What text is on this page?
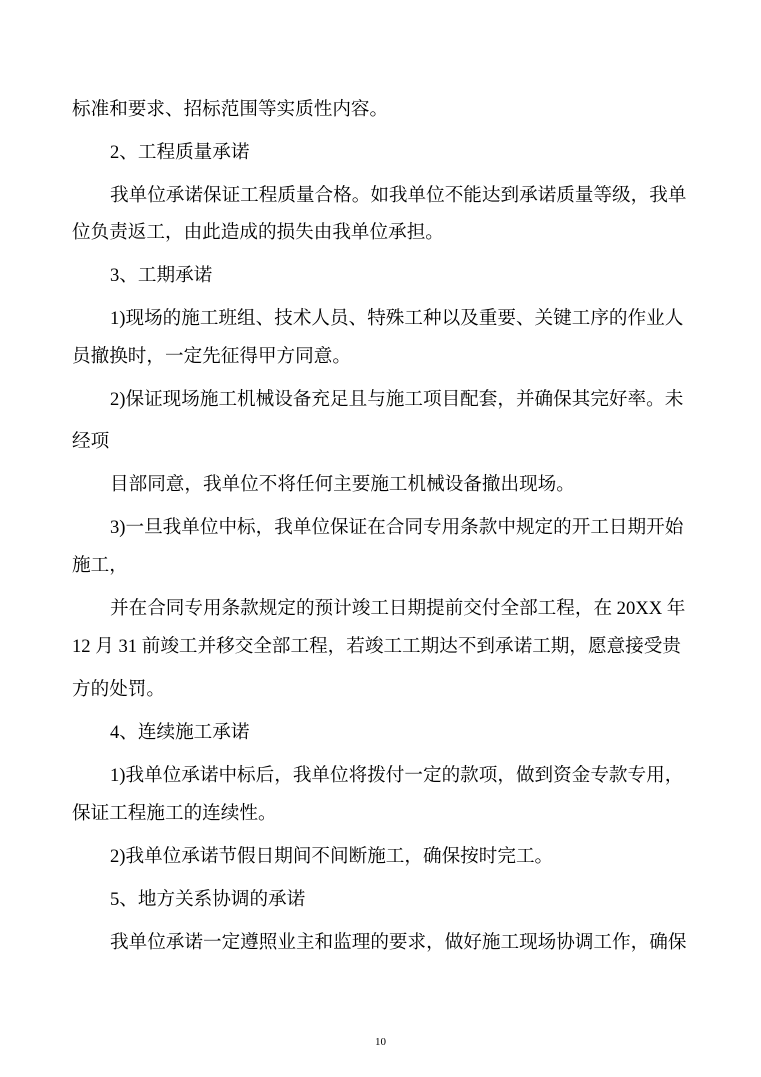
标准和要求、招标范围等实质性内容。
2、工程质量承诺
我单位承诺保证工程质量合格。如我单位不能达到承诺质量等级，我单
位负责返工，由此造成的损失由我单位承担。
3、工期承诺
1)现场的施工班组、技术人员、特殊工种以及重要、关键工序的作业人
员撤换时，一定先征得甲方同意。
2)保证现场施工机械设备充足且与施工项目配套，并确保其完好率。未
经项
目部同意，我单位不将任何主要施工机械设备撤出现场。
3)一旦我单位中标，我单位保证在合同专用条款中规定的开工日期开始
施工，
并在合同专用条款规定的预计竣工日期提前交付全部工程，在 20XX 年
12 月 31 前竣工并移交全部工程，若竣工工期达不到承诺工期，愿意接受贵
方的处罚。
4、连续施工承诺
1)我单位承诺中标后，我单位将拨付一定的款项，做到资金专款专用，
保证工程施工的连续性。
2)我单位承诺节假日期间不间断施工，确保按时完工。
5、地方关系协调的承诺
我单位承诺一定遵照业主和监理的要求，做好施工现场协调工作，确保
10
